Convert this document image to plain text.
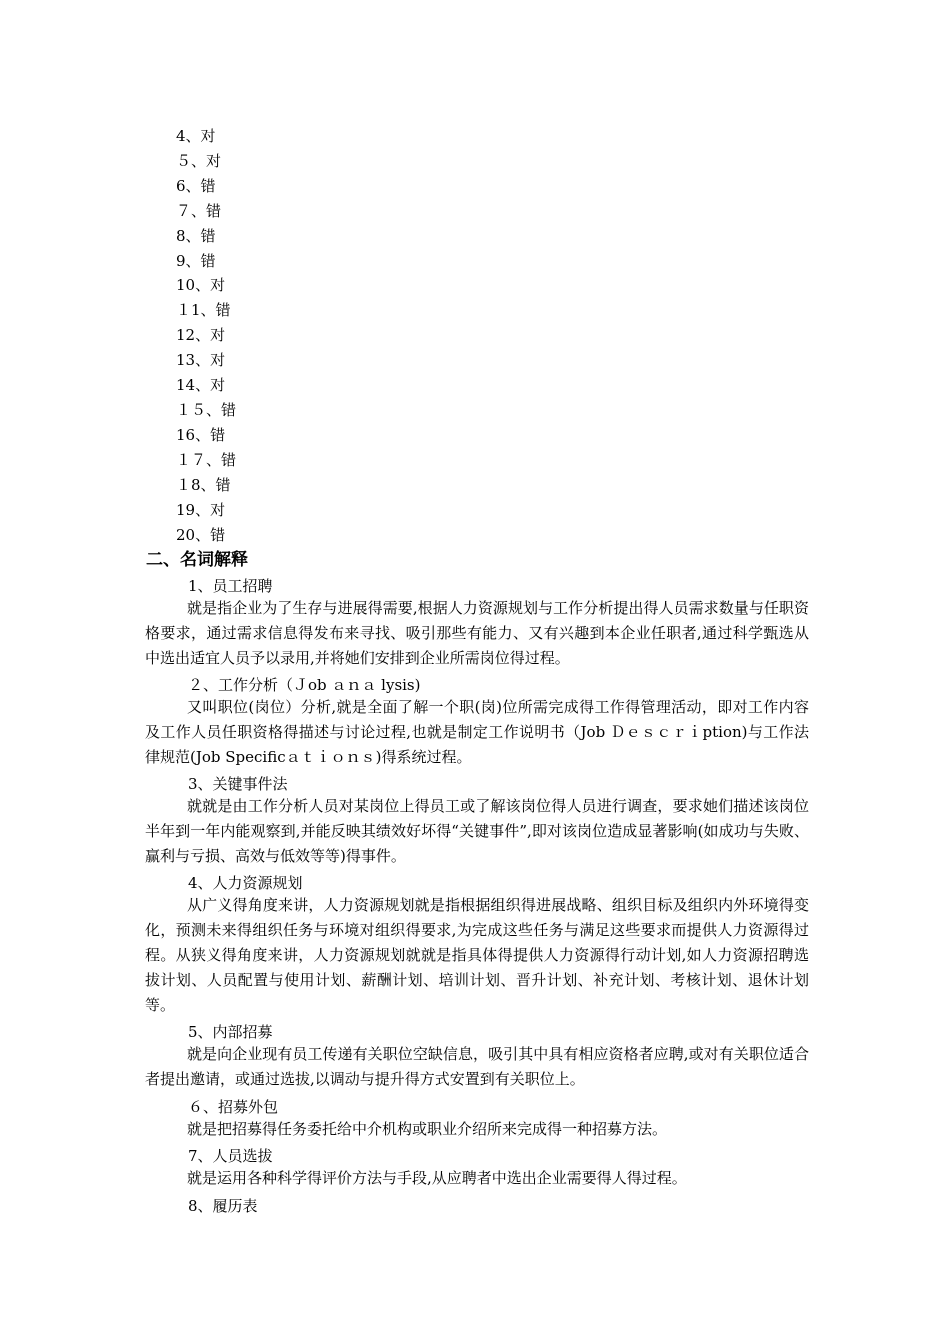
4、对
５、对
6、错
７、错
8、错
9、错
10、对
１1、错
12、对
13、对
14、对
１５、错
16、错
１７、错
１8、错
19、对
20、错
二、名词解释
1、员工招聘
就是指企业为了生存与进展得需要,根据人力资源规划与工作分析提出得人员需求数量与任职资格要求，通过需求信息得发布来寻找、吸引那些有能力、又有兴趣到本企业任职者,通过科学甄选从中选出适宜人员予以录用,并将她们安排到企业所需岗位得过程。
２、工作分析（Ｊob ａｎａ lysis)
又叫职位(岗位）分析,就是全面了解一个职(岗)位所需完成得工作得管理活动，即对工作内容及工作人员任职资格得描述与讨论过程,也就是制定工作说明书（Job Ｄｅｓｃｒｉption)与工作法律规范(Job Specificａｔｉｏｎｓ)得系统过程。
3、关键事件法
就就是由工作分析人员对某岗位上得员工或了解该岗位得人员进行调查，要求她们描述该岗位半年到一年内能观察到,并能反映其绩效好坏得“关键事件”,即对该岗位造成显著影响(如成功与失败、赢利与亏损、高效与低效等等)得事件。
4、人力资源规划
从广义得角度来讲，人力资源规划就是指根据组织得进展战略、组织目标及组织内外环境得变化，预测未来得组织任务与环境对组织得要求,为完成这些任务与满足这些要求而提供人力资源得过程。从狭义得角度来讲，人力资源规划就就是指具体得提供人力资源得行动计划,如人力资源招聘选拔计划、人员配置与使用计划、薪酬计划、培训计划、晋升计划、补充计划、考核计划、退休计划等。
5、内部招募
就是向企业现有员工传递有关职位空缺信息，吸引其中具有相应资格者应聘,或对有关职位适合者提出邀请，或通过选拔,以调动与提升得方式安置到有关职位上。
６、招募外包
就是把招募得任务委托给中介机构或职业介绍所来完成得一种招募方法。
7、人员选拔
就是运用各种科学得评价方法与手段,从应聘者中选出企业需要得人得过程。
8、履历表
